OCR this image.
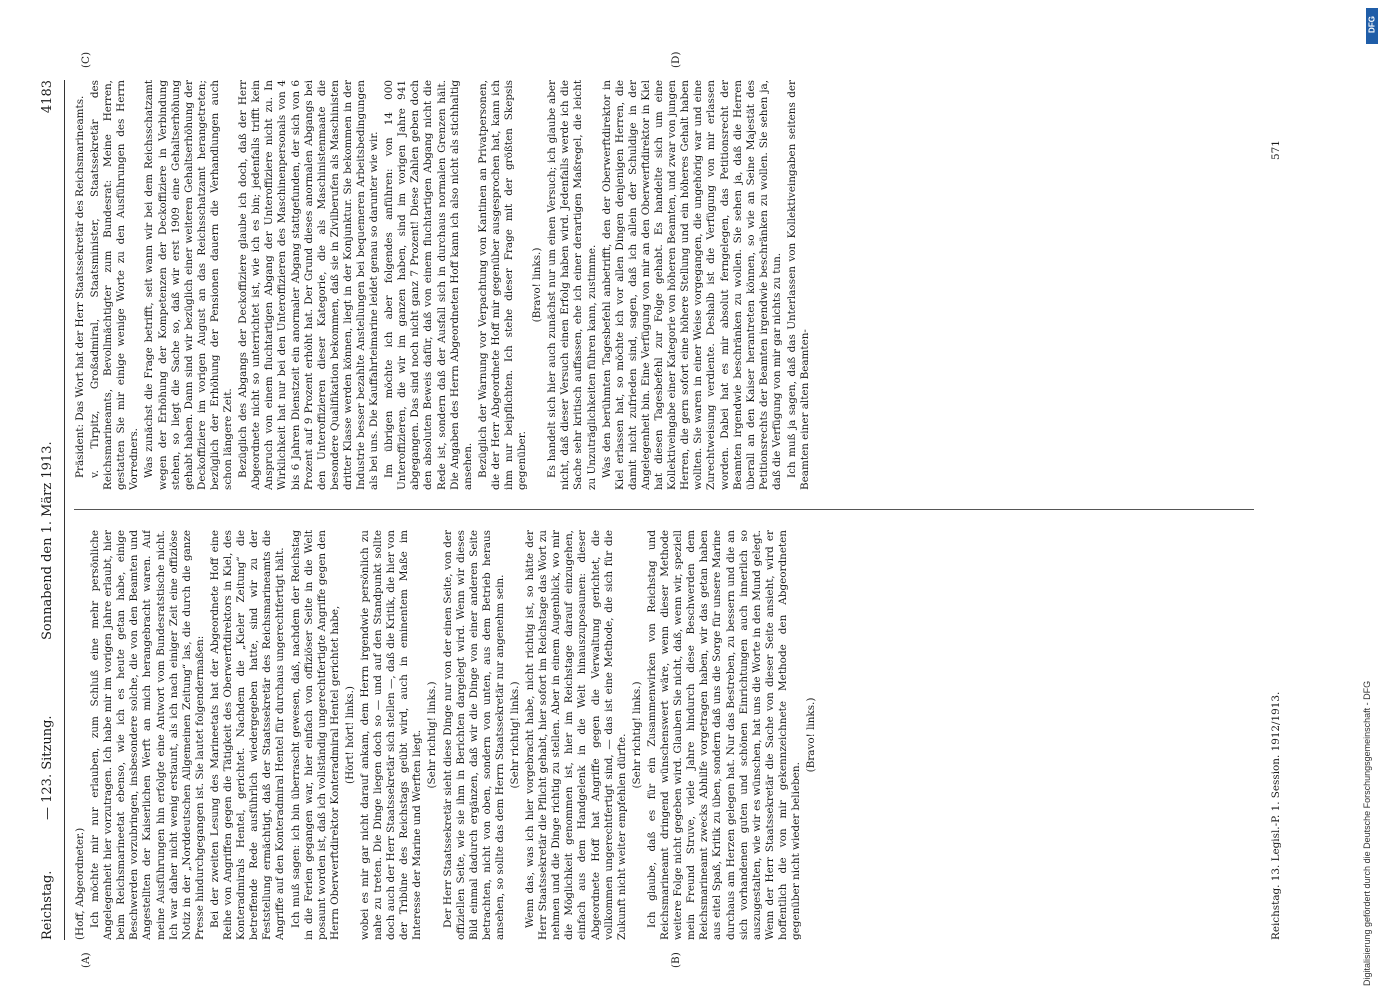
Reichstag.
— 123. Sitzung.
Sonnabend den 1. März 1913.
4183
(A)	(B)
(C)	(D)

(Hoff, Abgeordneter.) Ich möchte mir nur erlauben, zum Schluß eine mehr persönliche Angelegenheit hier vorzutragen. Ich habe mir im vorigen Jahre erlaubt, hier beim Reichsmarineetat ebenso, wie ich es heute getan habe, einige Beschwerden vorzubringen, insbesondere solche, die von den Beamten und Angestellten der Kaiserlichen Werft an mich herangebracht waren. Auf meine Ausführungen hin erfolgte eine Antwort vom Bundesratstische nicht. Ich war daher nicht wenig erstaunt, als ich nach einiger Zeit eine offiziöse Notiz in der „Norddeutschen Allgemeinen Zeitung“ las, die durch die ganze Presse hindurchgegangen ist. Sie lautet folgendermaßen: Bei der zweiten Lesung des Marineetats hat der Abgeordnete Hoff eine Reihe von Angriffen gegen die Tätigkeit des Oberwerftdirektors in Kiel, des Konteradmirals Hentel, gerichtet. Nachdem die „Kieler Zeitung“ die betreffende Rede ausführlich wiedergegeben hatte, sind wir zu der Feststellung ermächtigt, daß der Staatssekretär des Reichsmarineamts die Angriffe auf den Konteradmiral Hentel für durchaus ungerechtfertigt hält. Ich muß sagen: ich bin überrascht gewesen, daß, nachdem der Reichstag in die Ferien gegangen war, hier einfach von offiziöser Seite in die Welt posaunt worden ist, daß ich vollständig ungerechtfertigte Angriffe gegen den Herrn Oberwerftdirektor Konteradmiral Hentel gerichtet habe, (Hört! hört! links.) wobei es mir gar nicht darauf ankam, dem Herrn irgendwie persönlich zu nahe zu treten. Die Dinge liegen doch so — und auf den Standpunkt sollte doch auch der Herr Staatssekretär sich stellen —, daß die Kritik, die hier von der Tribüne des Reichstags geübt wird, auch in eminentem Maße im Interesse der Marine und Werften liegt. (Sehr richtig! links.) Der Herr Staatssekretär sieht diese Dinge nur von der einen Seite, von der offiziellen Seite, wie sie ihm in Berichten dargelegt wird. Wenn wir dieses Bild einmal dadurch ergänzen, daß wir die Dinge von einer anderen Seite betrachten, nicht von oben, sondern von unten, aus dem Betrieb heraus ansehen, so sollte das dem Herrn Staatssekretär nur angenehm sein. (Sehr richtig! links.) Wenn das, was ich hier vorgebracht habe, nicht richtig ist, so hätte der Herr Staatssekretär die Pflicht gehabt, hier sofort im Reichstage das Wort zu nehmen und die Dinge richtig zu stellen. Aber in einem Augenblick, wo mir die Möglichkeit genommen ist, hier im Reichstage darauf einzugehen, einfach aus dem Handgelenk in die Welt hinauszuposaunen: dieser Abgeordnete Hoff hat Angriffe gegen die Verwaltung gerichtet, die vollkommen ungerechtfertigt sind, — das ist eine Methode, die sich für die Zukunft nicht weiter empfehlen dürfte. (Sehr richtig! links.) Ich glaube, daß es für ein Zusammenwirken von Reichstag und Reichsmarineamt dringend wünschenswert wäre, wenn dieser Methode weitere Folge nicht gegeben wird. Glauben Sie nicht, daß, wenn wir, speziell mein Freund Struve, viele Jahre hindurch diese Beschwerden dem Reichsmarineamt zwecks Abhilfe vorgetragen haben, wir das getan haben aus eitel Spaß, Kritik zu üben, sondern daß uns die Sorge für unsere Marine durchaus am Herzen gelegen hat. Nur das Bestreben, zu bessern und die an sich vorhandenen guten und schönen Einrichtungen auch innerlich so auszugestalten, wie wir es wünschen, hat uns die Worte in den Mund gelegt. Wenn der Herr Staatssekretär die Sache von dieser Seite ansieht, wird er hoffentlich die von mir gekennzeichnete Methode den Abgeordneten gegenüber nicht wieder belieben.

(Bravo! links.)

Präsident: Das Wort hat der Herr Staatssekretär des Reichsmarineamts. v. Tirpitz, Großadmiral, Staatsminister, Staatssekretär des Reichsmarineamts, Bevollmächtigter zum Bundesrat: Meine Herren, gestatten Sie mir einige wenige Worte zu den Ausführungen des Herrn Vorredners. Was zunächst die Frage betrifft, seit wann wir bei dem Reichsschatzamt wegen der Erhöhung der Kompetenzen der Deckoffiziere in Verbindung stehen, so liegt die Sache so, daß wir erst 1909 eine Gehaltserhöhung gehabt haben. Dann sind wir bezüglich einer weiteren Gehaltserhöhung der Deckoffiziere im vorigen August an das Reichsschatzamt herangetreten; bezüglich der Erhöhung der Pensionen dauern die Verhandlungen auch schon längere Zeit. Bezüglich des Abgangs der Deckoffiziere glaube ich doch, daß der Herr Abgeordnete nicht so unterrichtet ist, wie ich es bin; jedenfalls trifft kein Anspruch von einem fluchtartigen Abgang der Unteroffiziere nicht zu. In Wirklichkeit hat nur bei den Unteroffizieren des Maschinenpersonals von 4 bis 6 Jahren Dienstzeit ein anormaler Abgang stattgefunden, der sich von 6 Prozent auf 9 Prozent erhöht hat. Der Grund dieses anormalen Abgangs bei den Unteroffizieren dieser Kategorie, die als Maschinistenmaate die besondere Qualifikation bekommen, daß sie in Zivilberufen als Maschinisten dritter Klasse werden können, liegt in der Konjunktur. Sie bekommen in der Industrie besser bezahlte Anstellungen bei bequemeren Arbeitsbedingungen als bei uns. Die Kauffahrteimarine leidet genau so darunter wie wir. Im übrigen möchte ich aber folgendes anführen: von 14 000 Unteroffizieren, die wir im ganzen haben, sind im vorigen Jahre 941 abgegangen. Das sind noch nicht ganz 7 Prozent! Diese Zahlen geben doch den absoluten Beweis dafür, daß von einem fluchtartigen Abgang nicht die Rede ist, sondern daß der Ausfall sich in durchaus normalen Grenzen hält. Die Angaben des Herrn Abgeordneten Hoff kann ich also nicht als stichhaltig ansehen. Bezüglich der Warnung vor Verpachtung von Kantinen an Privatpersonen, die der Herr Abgeordnete Hoff mir gegenüber ausgesprochen hat, kann ich ihm nur beipflichten. Ich stehe dieser Frage mit der größten Skepsis gegenüber.

(Bravo! links.) Es handelt sich hier auch zunächst nur um einen Versuch; ich glaube aber nicht, daß dieser Versuch einen Erfolg haben wird. Jedenfalls werde ich die Sache sehr kritisch auffassen, ehe ich einer derartigen Maßregel, die leicht zu Unzuträglichkeiten führen kann, zustimme. Was den berühmten Tagesbefehl anbetrifft, den der Oberwerftdirektor in Kiel erlassen hat, so möchte ich vor allen Dingen denjenigen Herren, die damit nicht zufrieden sind, sagen, daß ich allein der Schuldige in der Angelegenheit bin. Eine Verfügung von mir an den Oberwerftdirektor in Kiel hat diesen Tagesbefehl zur Folge gehabt. Es handelte sich um eine Kollektiveingabe einer Kategorie von höheren Beamten, und zwar von jungen Herren, die gern sofort eine höhere Stellung und ein höheres Gehalt haben wollten. Sie waren in einer Weise vorgegangen, die ungehörig war und eine Zurechtweisung verdiente. Deshalb ist die Verfügung von mir erlassen worden. Dabei hat es mir absolut ferngelegen, das Petitionsrecht der Beamten irgendwie beschränken zu wollen. Sie sehen ja, daß die Herren überall an den Kaiser herantreten können, so wie an Seine Majestät des Petitionsrechts der Beamten irgendwie beschränken zu wollen. Sie sehen ja, daß die Verfügung von mir gar nichts zu tun. Ich muß ja sagen, daß das Unterlassen von Kollektiveingaben seitens der Beamten einer alten Beamten-

Reichstag. 13. Legisl.-P. 1. Session. 1912/1913.
571
Digitalisierung gefördert durch die Deutsche Forschungsgemeinschaft - DFG
DFG
